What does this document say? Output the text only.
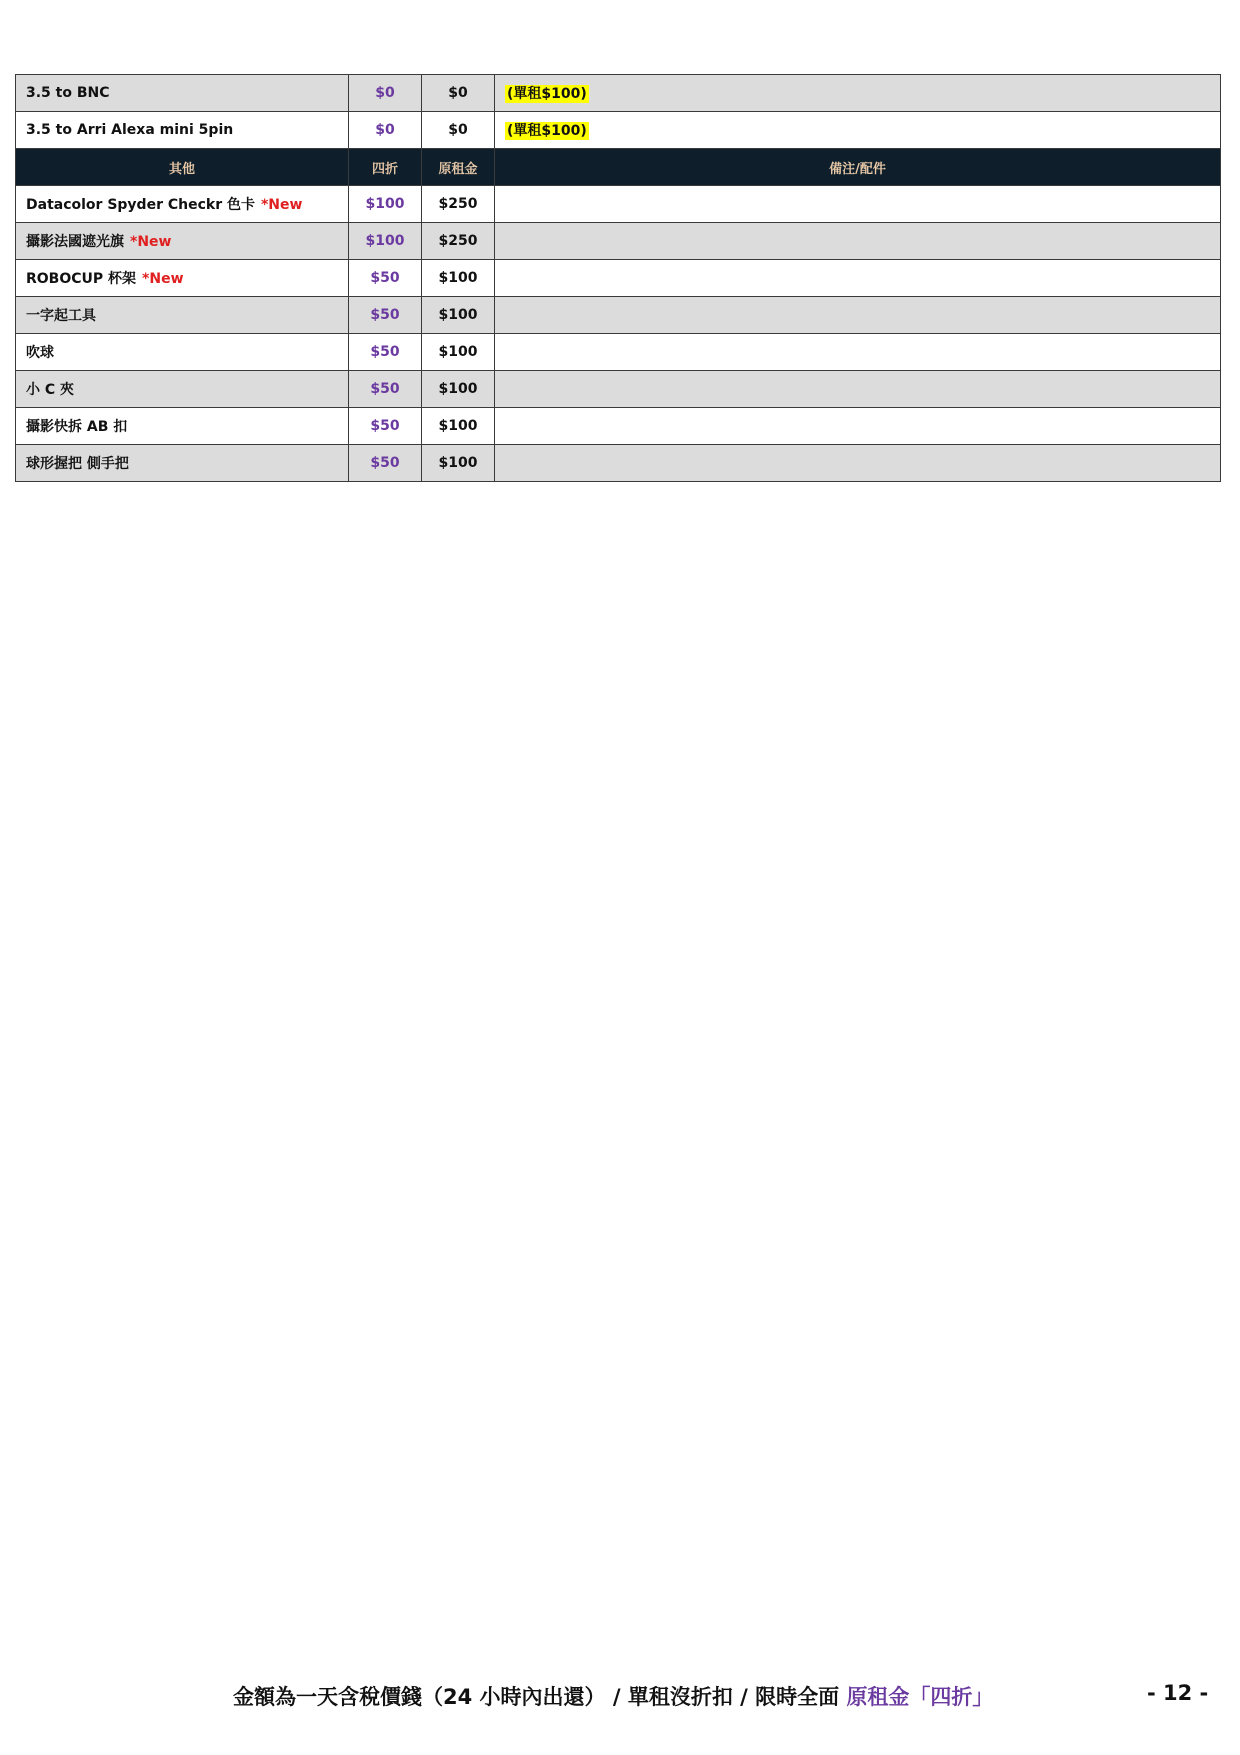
3.5 to BNC	$0	$0	(單租$100)
3.5 to Arri Alexa mini 5pin	$0	$0	(單租$100)
其他	四折	原租金	備注/配件
Datacolor Spyder Checkr 色卡 *New	$100	$250	
攝影法國遮光旗 *New	$100	$250	
ROBOCUP 杯架 *New	$50	$100	
一字起工具	$50	$100	
吹球	$50	$100	
小 C 夾	$50	$100	
攝影快拆 AB 扣	$50	$100	
球形握把 側手把	$50	$100	
金額為一天含稅價錢（24 小時內出還） / 單租沒折扣 / 限時全面 原租金「四折」	- 12 -
